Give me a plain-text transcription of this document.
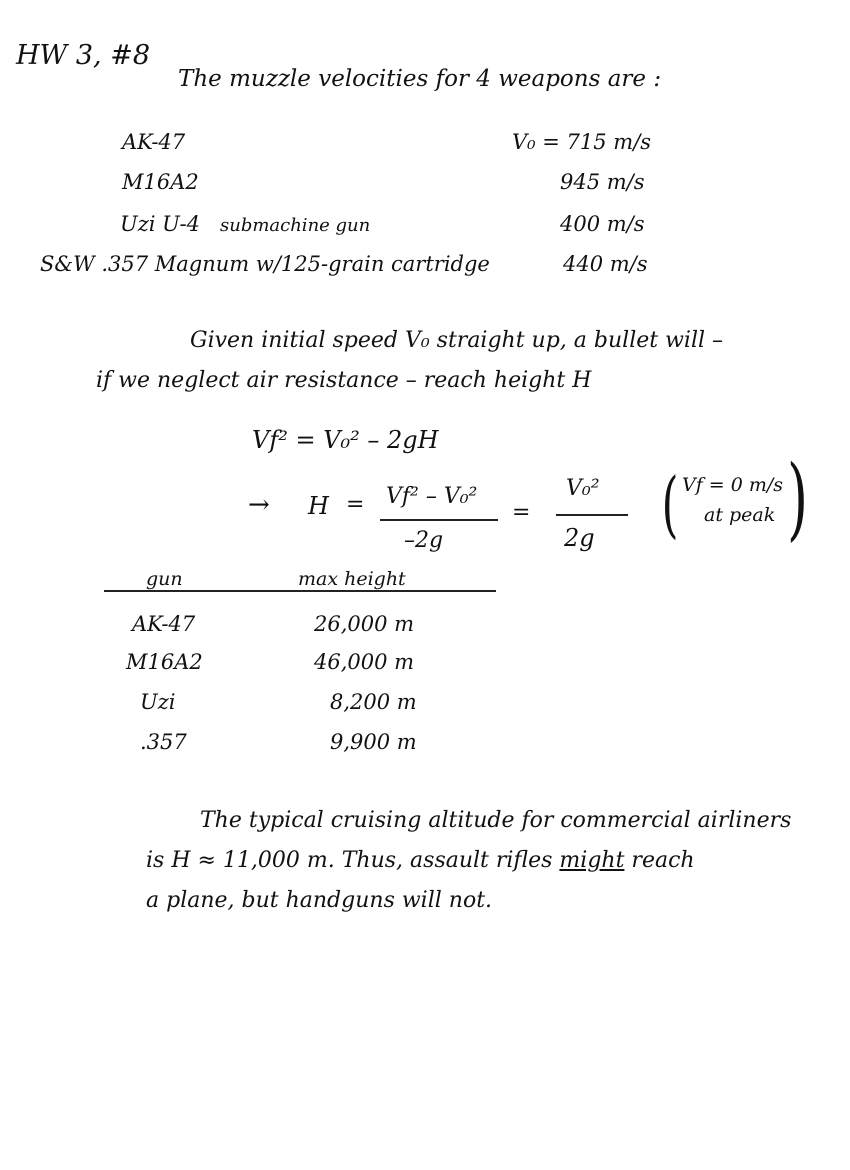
HW 3, #8
The muzzle velocities for 4 weapons are :
AK-47	V₀ = 715 m/s
M16A2	945 m/s
Uzi U-4 submachine gun	400 m/s
S&W .357 Magnum w/125-grain cartridge	440 m/s
Given initial speed V₀ straight up, a bullet will –
if we neglect air resistance – reach height H
Vf² = V₀² – 2gH
→ H = Vf² – V₀²
–2g
=
V₀²
2g ( Vf = 0 m/s
at peak )
gun	max height
AK-47	26,000 m
M16A2	46,000 m
Uzi	8,200 m
.357	9,900 m
The typical cruising altitude for commercial airliners
is H ≈ 11,000 m. Thus, assault rifles might reach
a plane, but handguns will not.
